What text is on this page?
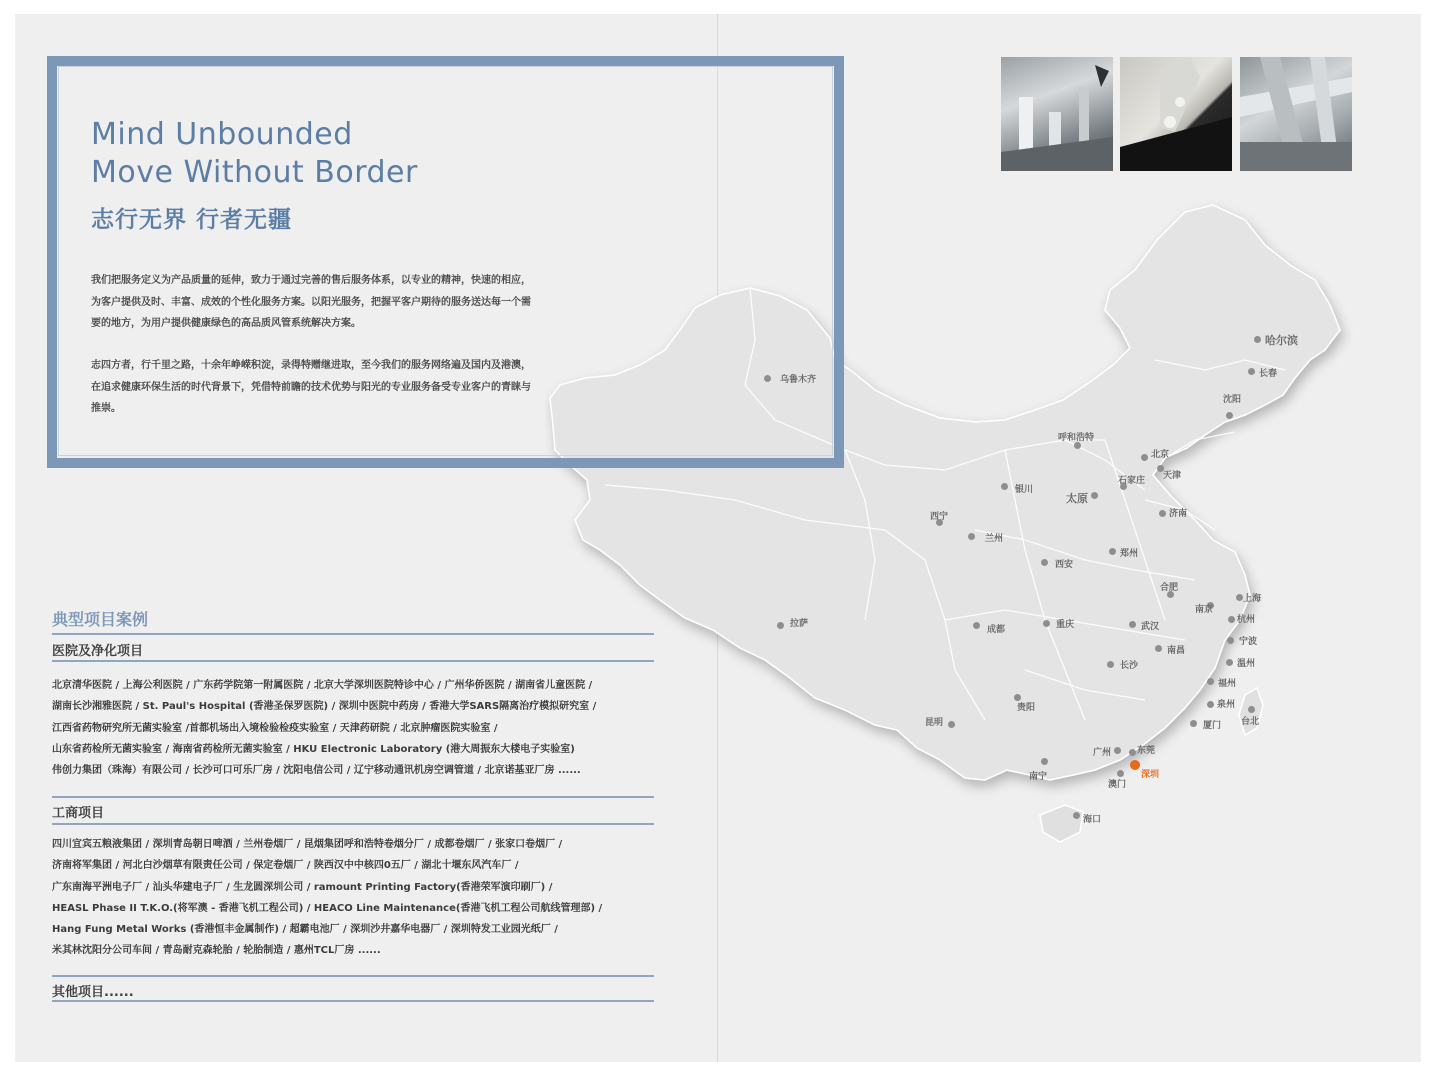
乌鲁木齐
哈尔滨
长春
沈阳
呼和浩特
北京
天津
石家庄
太原
银川
济南
西宁
兰州
郑州
西安
合肥
上海
南京
杭州
拉萨
成都	重庆	武汉
宁波
南昌
温州
长沙
福州
泉州
台北
贵阳
昆明	厦门
广州	东莞
南宁	深圳
澳门
海口
Mind Unbounded
Move Without Border
志行无界 行者无疆
我们把服务定义为产品质量的延伸，致力于通过完善的售后服务体系，以专业的精神，快速的相应，为客户提供及时、丰富、成效的个性化服务方案。以阳光服务，把握平客户期待的服务送达每一个需要的地方，为用户提供健康绿色的高品质风管系统解决方案。
志四方者，行千里之路，十余年峥嵘积淀，录得特赠继进取，至今我们的服务网络遍及国内及港澳，在追求健康环保生活的时代背景下，凭借特前瞻的技术优势与阳光的专业服务备受专业客户的青睐与推崇。
典型项目案例
医院及净化项目
北京清华医院 / 上海公利医院 / 广东药学院第一附属医院 / 北京大学深圳医院特诊中心 / 广州华侨医院 / 湖南省儿童医院 /
湖南长沙湘雅医院 / St. Paul's Hospital (香港圣保罗医院) / 深圳中医院中药房 / 香港大学SARS隔离治疗模拟研究室 /
江西省药物研究所无菌实验室 /首都机场出入境检验检疫实验室 / 天津药研院 / 北京肿瘤医院实验室 /
山东省药检所无菌实验室 / 海南省药检所无菌实验室 / HKU Electronic Laboratory (港大周振东大楼电子实验室)
伟创力集团（珠海）有限公司 / 长沙可口可乐厂房 / 沈阳电信公司 / 辽宁移动通讯机房空调管道 / 北京诺基亚厂房 ......
工商项目
四川宜宾五粮液集团 / 深圳青岛朝日啤酒 / 兰州卷烟厂 / 昆烟集团呼和浩特卷烟分厂 / 成都卷烟厂 / 张家口卷烟厂 /
济南将军集团 / 河北白沙烟草有限责任公司 / 保定卷烟厂 / 陕西汉中中核四0五厂 / 湖北十堰东风汽车厂 /
广东南海平洲电子厂 / 汕头华建电子厂 / 生龙圆深圳公司 / ramount Printing Factory(香港荣军演印刷厂) /
HEASL Phase II T.K.O.(将军澳 - 香港飞机工程公司) / HEACO Line Maintenance(香港飞机工程公司航线管理部) /
Hang Fung Metal Works (香港恒丰金属制作) / 超霸电池厂 / 深圳沙井嘉华电器厂 / 深圳特发工业园光纸厂 /
米其林沈阳分公司车间 / 青岛耐克森轮胎 / 轮胎制造 / 惠州TCL厂房 ......
其他项目......
